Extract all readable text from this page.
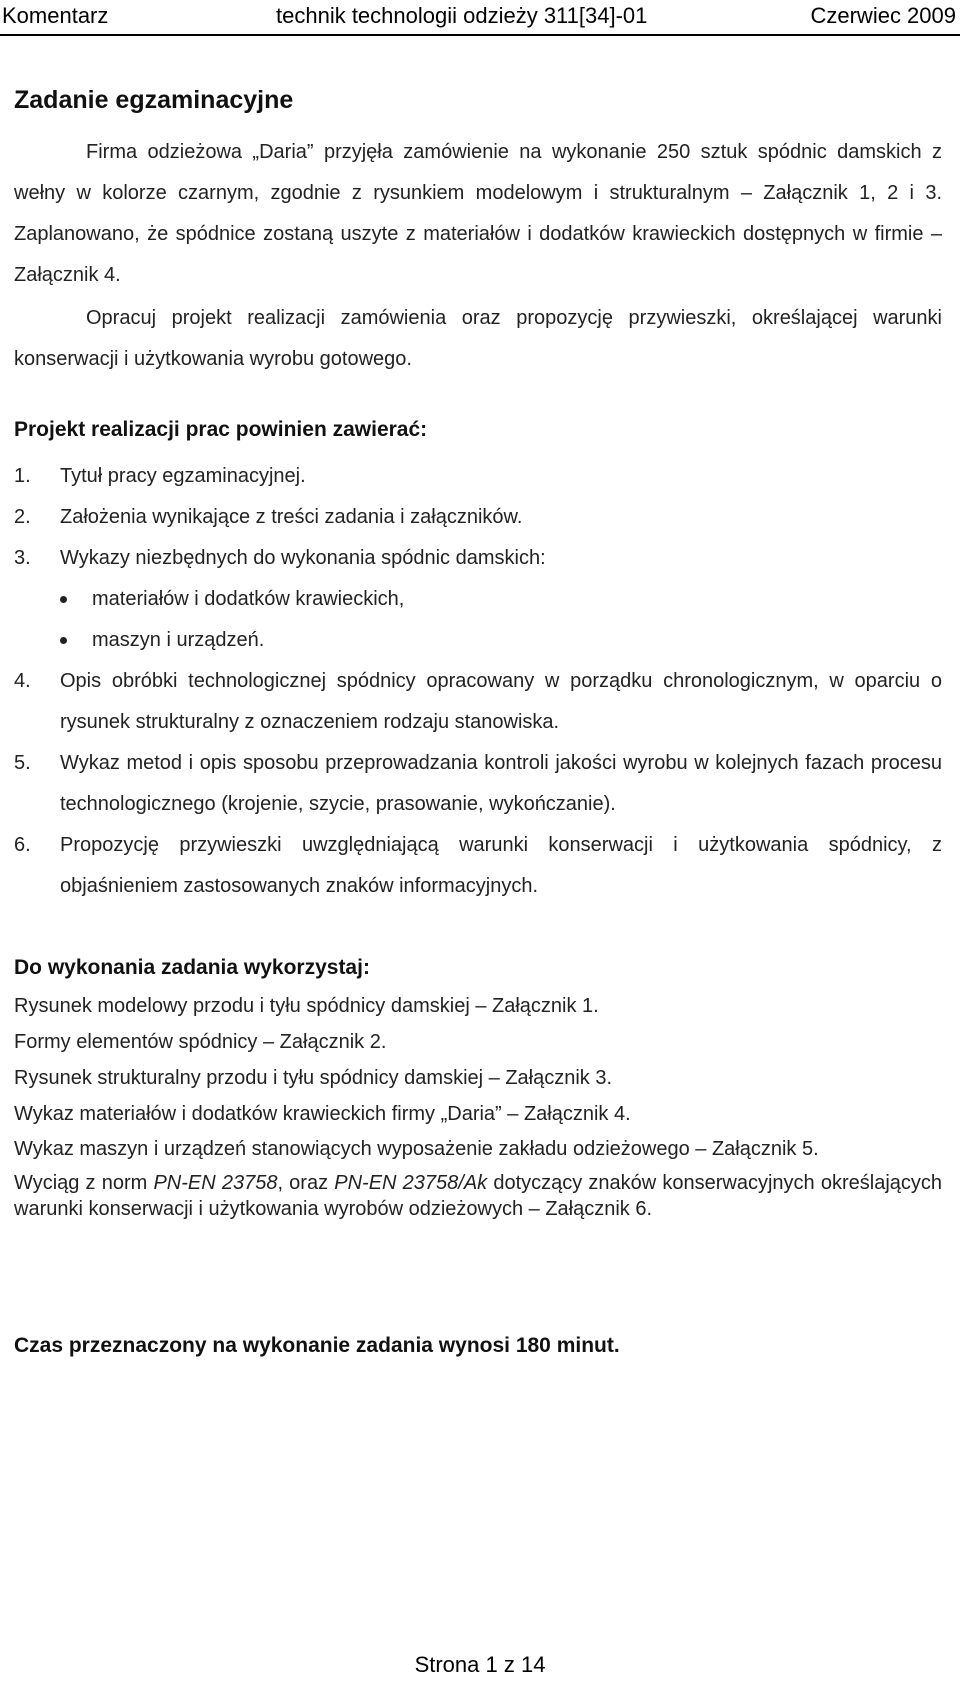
Komentarz	technik technologii odzieży 311[34]-01	Czerwiec 2009
Zadanie egzaminacyjne
Firma odzieżowa „Daria” przyjęła zamówienie na wykonanie 250 sztuk spódnic damskich z wełny w kolorze czarnym, zgodnie z rysunkiem modelowym i strukturalnym – Załącznik 1, 2 i 3. Zaplanowano, że spódnice zostaną uszyte z materiałów i dodatków krawieckich dostępnych w firmie – Załącznik 4.
Opracuj projekt realizacji zamówienia oraz propozycję przywieszki, określającej warunki konserwacji i użytkowania wyrobu gotowego.
Projekt realizacji prac powinien zawierać:
1. Tytuł pracy egzaminacyjnej.
2. Założenia wynikające z treści zadania i załączników.
3. Wykazy niezbędnych do wykonania spódnic damskich:
materiałów i dodatków krawieckich,
maszyn i urządzeń.
4. Opis obróbki technologicznej spódnicy opracowany w porządku chronologicznym, w oparciu o rysunek strukturalny z oznaczeniem rodzaju stanowiska.
5. Wykaz metod i opis sposobu przeprowadzania kontroli jakości wyrobu w kolejnych fazach procesu technologicznego (krojenie, szycie, prasowanie, wykończanie).
6. Propozycję przywieszki uwzględniającą warunki konserwacji i użytkowania spódnicy, z objaśnieniem zastosowanych znaków informacyjnych.
Do wykonania zadania wykorzystaj:

Rysunek modelowy przodu i tyłu spódnicy damskiej – Załącznik 1.

Formy elementów spódnicy – Załącznik 2.

Rysunek strukturalny przodu i tyłu spódnicy damskiej – Załącznik 3.

Wykaz materiałów i dodatków krawieckich firmy „Daria” – Załącznik 4.

Wykaz maszyn i urządzeń stanowiących wyposażenie zakładu odzieżowego – Załącznik 5.

Wyciąg z norm PN-EN 23758, oraz PN-EN 23758/Ak dotyczący znaków konserwacyjnych określających warunki konserwacji i użytkowania wyrobów odzieżowych – Załącznik 6.

Czas przeznaczony na wykonanie zadania wynosi 180 minut.
Strona 1 z 14
